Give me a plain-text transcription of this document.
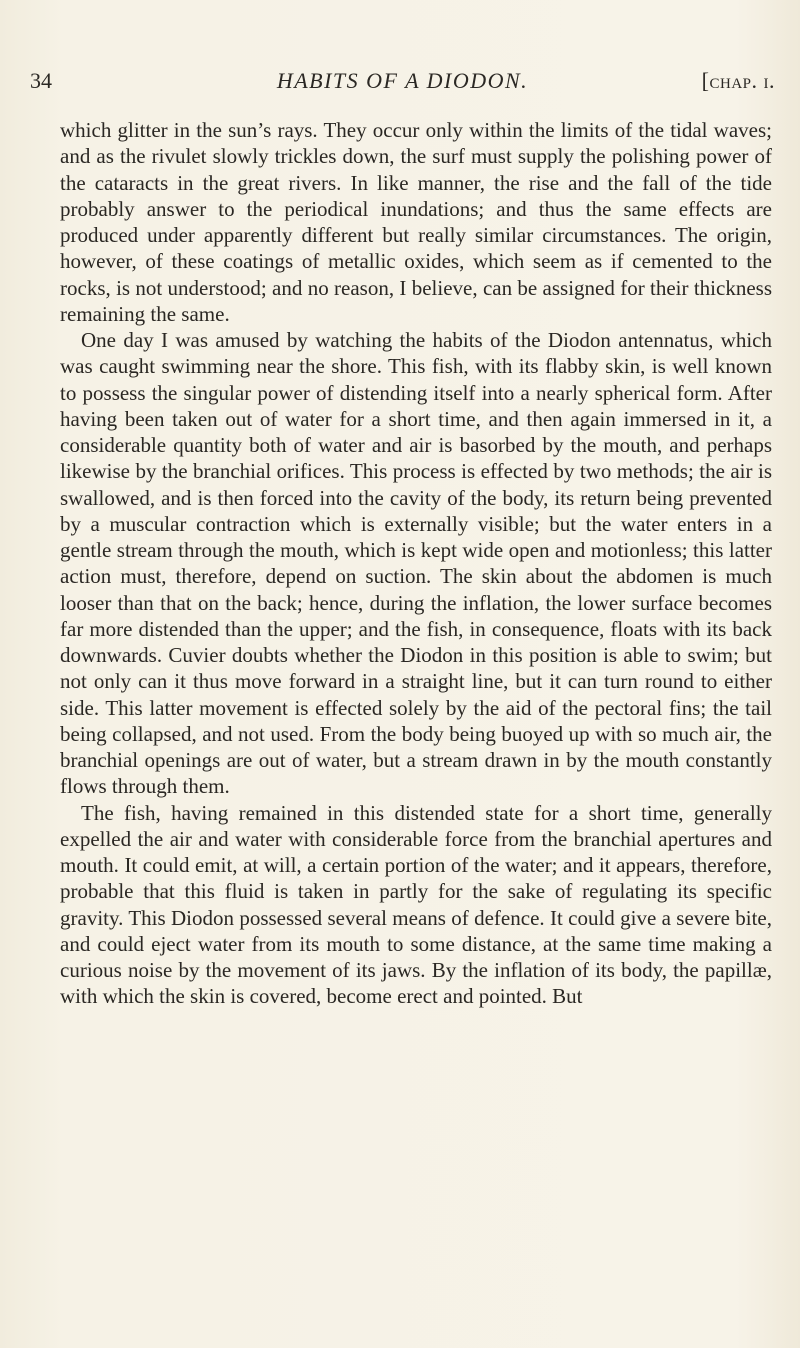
34	HABITS OF A DIODON.	[chap. i.

which glitter in the sun’s rays. They occur only within the limits of the tidal waves; and as the rivulet slowly trickles down, the surf must supply the polishing power of the cataracts in the great rivers. In like manner, the rise and the fall of the tide probably answer to the periodical inundations; and thus the same effects are produced under apparently different but really similar circumstances. The origin, however, of these coatings of metallic oxides, which seem as if cemented to the rocks, is not understood; and no reason, I believe, can be assigned for their thickness remaining the same.

One day I was amused by watching the habits of the Diodon antennatus, which was caught swimming near the shore. This fish, with its flabby skin, is well known to possess the singular power of distending itself into a nearly spherical form. After having been taken out of water for a short time, and then again immersed in it, a considerable quantity both of water and air is basorbed by the mouth, and perhaps likewise by the branchial orifices. This process is effected by two methods; the air is swallowed, and is then forced into the cavity of the body, its return being prevented by a muscular contraction which is externally visible; but the water enters in a gentle stream through the mouth, which is kept wide open and motionless; this latter action must, therefore, depend on suction. The skin about the abdomen is much looser than that on the back; hence, during the inflation, the lower surface becomes far more distended than the upper; and the fish, in consequence, floats with its back downwards. Cuvier doubts whether the Diodon in this position is able to swim; but not only can it thus move forward in a straight line, but it can turn round to either side. This latter movement is effected solely by the aid of the pectoral fins; the tail being collapsed, and not used. From the body being buoyed up with so much air, the branchial openings are out of water, but a stream drawn in by the mouth constantly flows through them.

The fish, having remained in this distended state for a short time, generally expelled the air and water with considerable force from the branchial apertures and mouth. It could emit, at will, a certain portion of the water; and it appears, therefore, probable that this fluid is taken in partly for the sake of regulating its specific gravity. This Diodon possessed several means of defence. It could give a severe bite, and could eject water from its mouth to some distance, at the same time making a curious noise by the movement of its jaws. By the inflation of its body, the papillæ, with which the skin is covered, become erect and pointed. But
